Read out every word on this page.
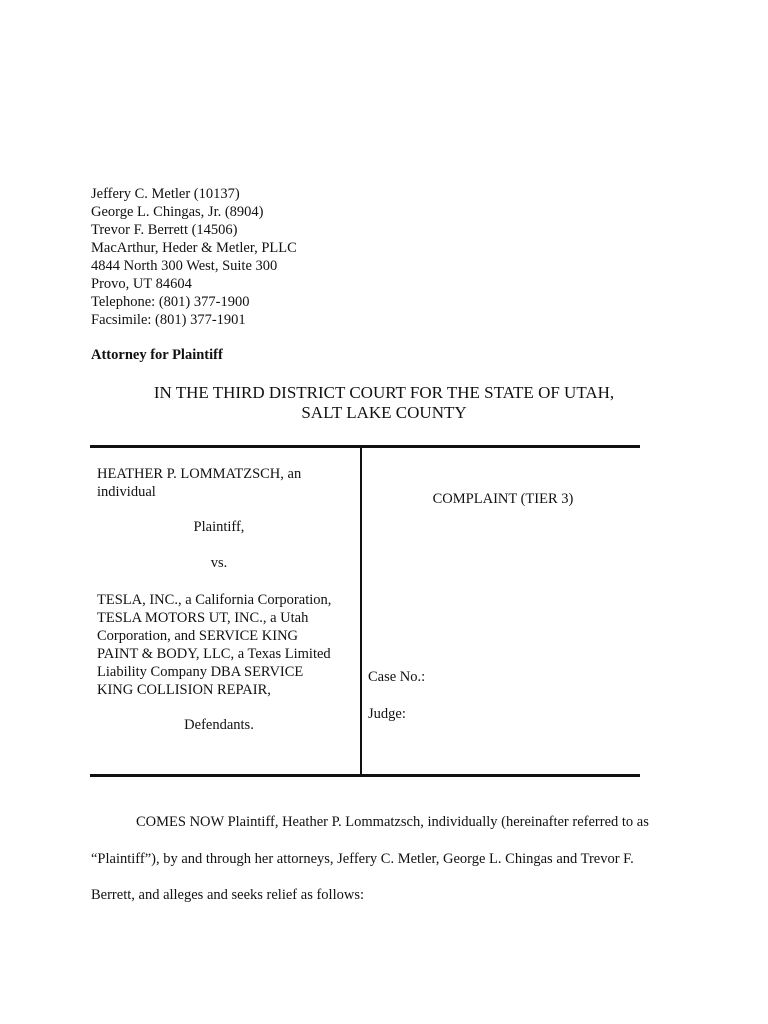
Jeffery C. Metler (10137)
George L. Chingas, Jr. (8904)
Trevor F. Berrett (14506)
MacArthur, Heder & Metler, PLLC
4844 North 300 West, Suite 300
Provo, UT 84604
Telephone: (801) 377-1900
Facsimile: (801) 377-1901
Attorney for Plaintiff
IN THE THIRD DISTRICT COURT FOR THE STATE OF UTAH,
SALT LAKE COUNTY
HEATHER P. LOMMATZSCH, an
individual
Plaintiff,
vs.
TESLA, INC., a California Corporation,
TESLA MOTORS UT, INC., a Utah
Corporation, and SERVICE KING
PAINT & BODY, LLC, a Texas Limited
Liability Company DBA SERVICE
KING COLLISION REPAIR,
Defendants.
COMPLAINT (TIER 3)
Case No.:
Judge:
COMES NOW Plaintiff, Heather P. Lommatzsch, individually (hereinafter referred to as
“Plaintiff”), by and through her attorneys, Jeffery C. Metler, George L. Chingas and Trevor F.
Berrett, and alleges and seeks relief as follows:
